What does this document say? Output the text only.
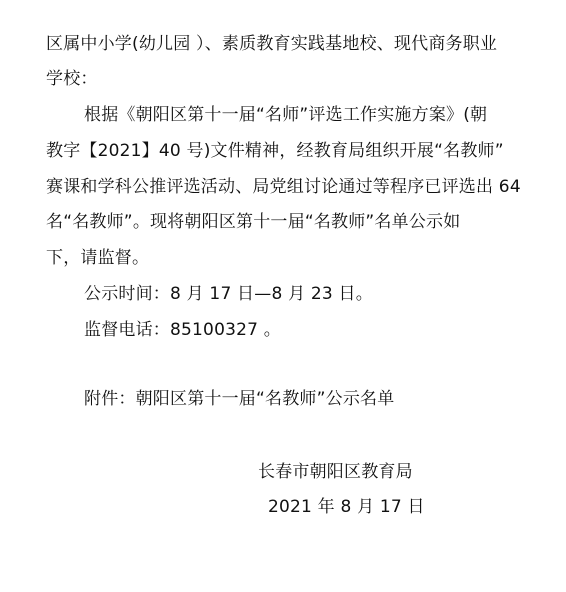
区属中小学(幼儿园 ）、素质教育实践基地校、现代商务职业
学校：
根据《朝阳区第十一届“名师”评选工作实施方案》(朝
教字【2021】40 号)文件精神，经教育局组织开展“名教师”
赛课和学科公推评选活动、局党组讨论通过等程序已评选出 64
名“名教师”。现将朝阳区第十一届“名教师”名单公示如
下，请监督。
公示时间：8 月 17 日—8 月 23 日。
监督电话：85100327 。
附件：朝阳区第十一届“名教师”公示名单
长春市朝阳区教育局
2021 年 8 月 17 日
